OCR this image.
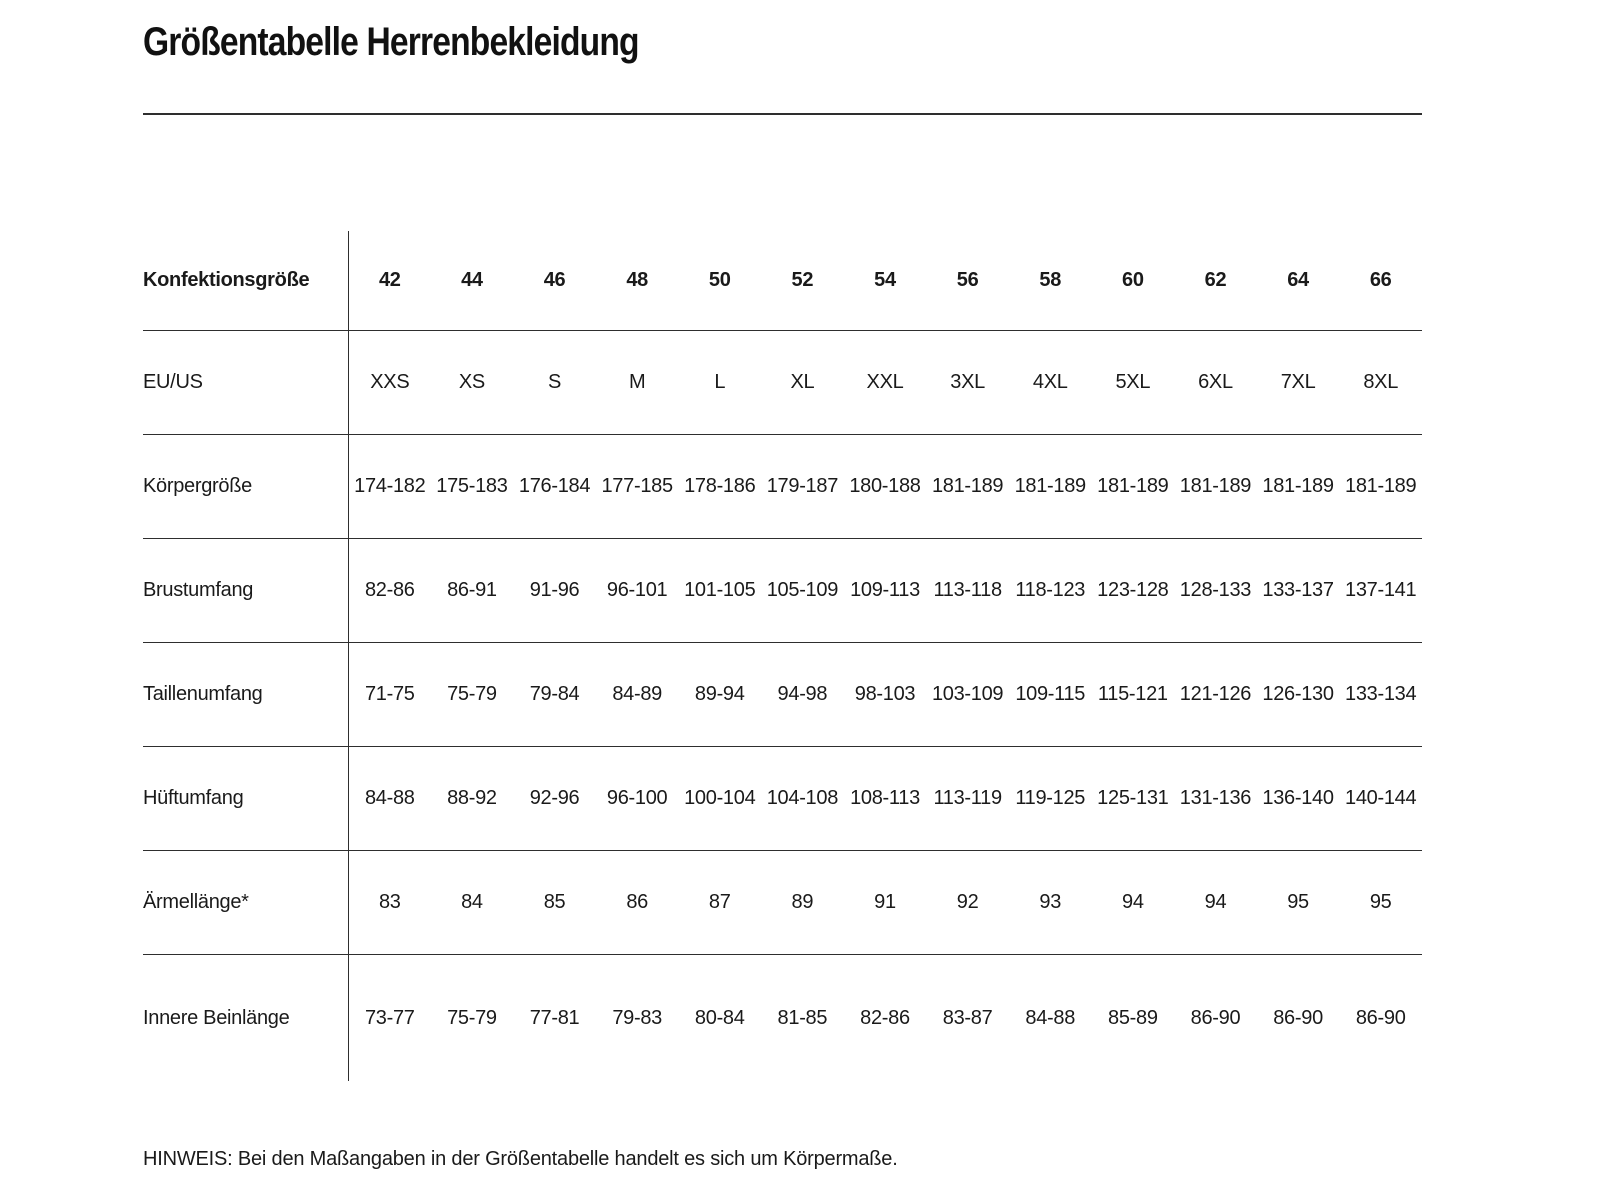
Größentabelle Herrenbekleidung
Konfektionsgröße	42	44	46	48	50	52	54	56	58	60	62	64	66
EU/US	XXS	XS	S	M	L	XL	XXL	3XL	4XL	5XL	6XL	7XL	8XL
Körpergröße	174-182 175-183 176-184 177-185 178-186 179-187 180-188 181-189 181-189 181-189 181-189 181-189 181-189
Brustumfang	82-86	86-91	91-96	96-101 101-105 105-109 109-113 113-118 118-123 123-128 128-133 133-137 137-141
Taillenumfang	71-75	75-79	79-84	84-89	89-94	94-98	98-103 103-109 109-115 115-121 121-126 126-130 133-134
Hüftumfang	84-88	88-92	92-96	96-100 100-104 104-108 108-113 113-119 119-125 125-131 131-136 136-140 140-144
Ärmellänge*	83	84	85	86	87	89	91	92	93	94	94	95	95
Innere Beinlänge	73-77	75-79	77-81	79-83	80-84	81-85	82-86	83-87	84-88	85-89	86-90	86-90	86-90

HINWEIS: Bei den Maßangaben in der Größentabelle handelt es sich um Körpermaße.
